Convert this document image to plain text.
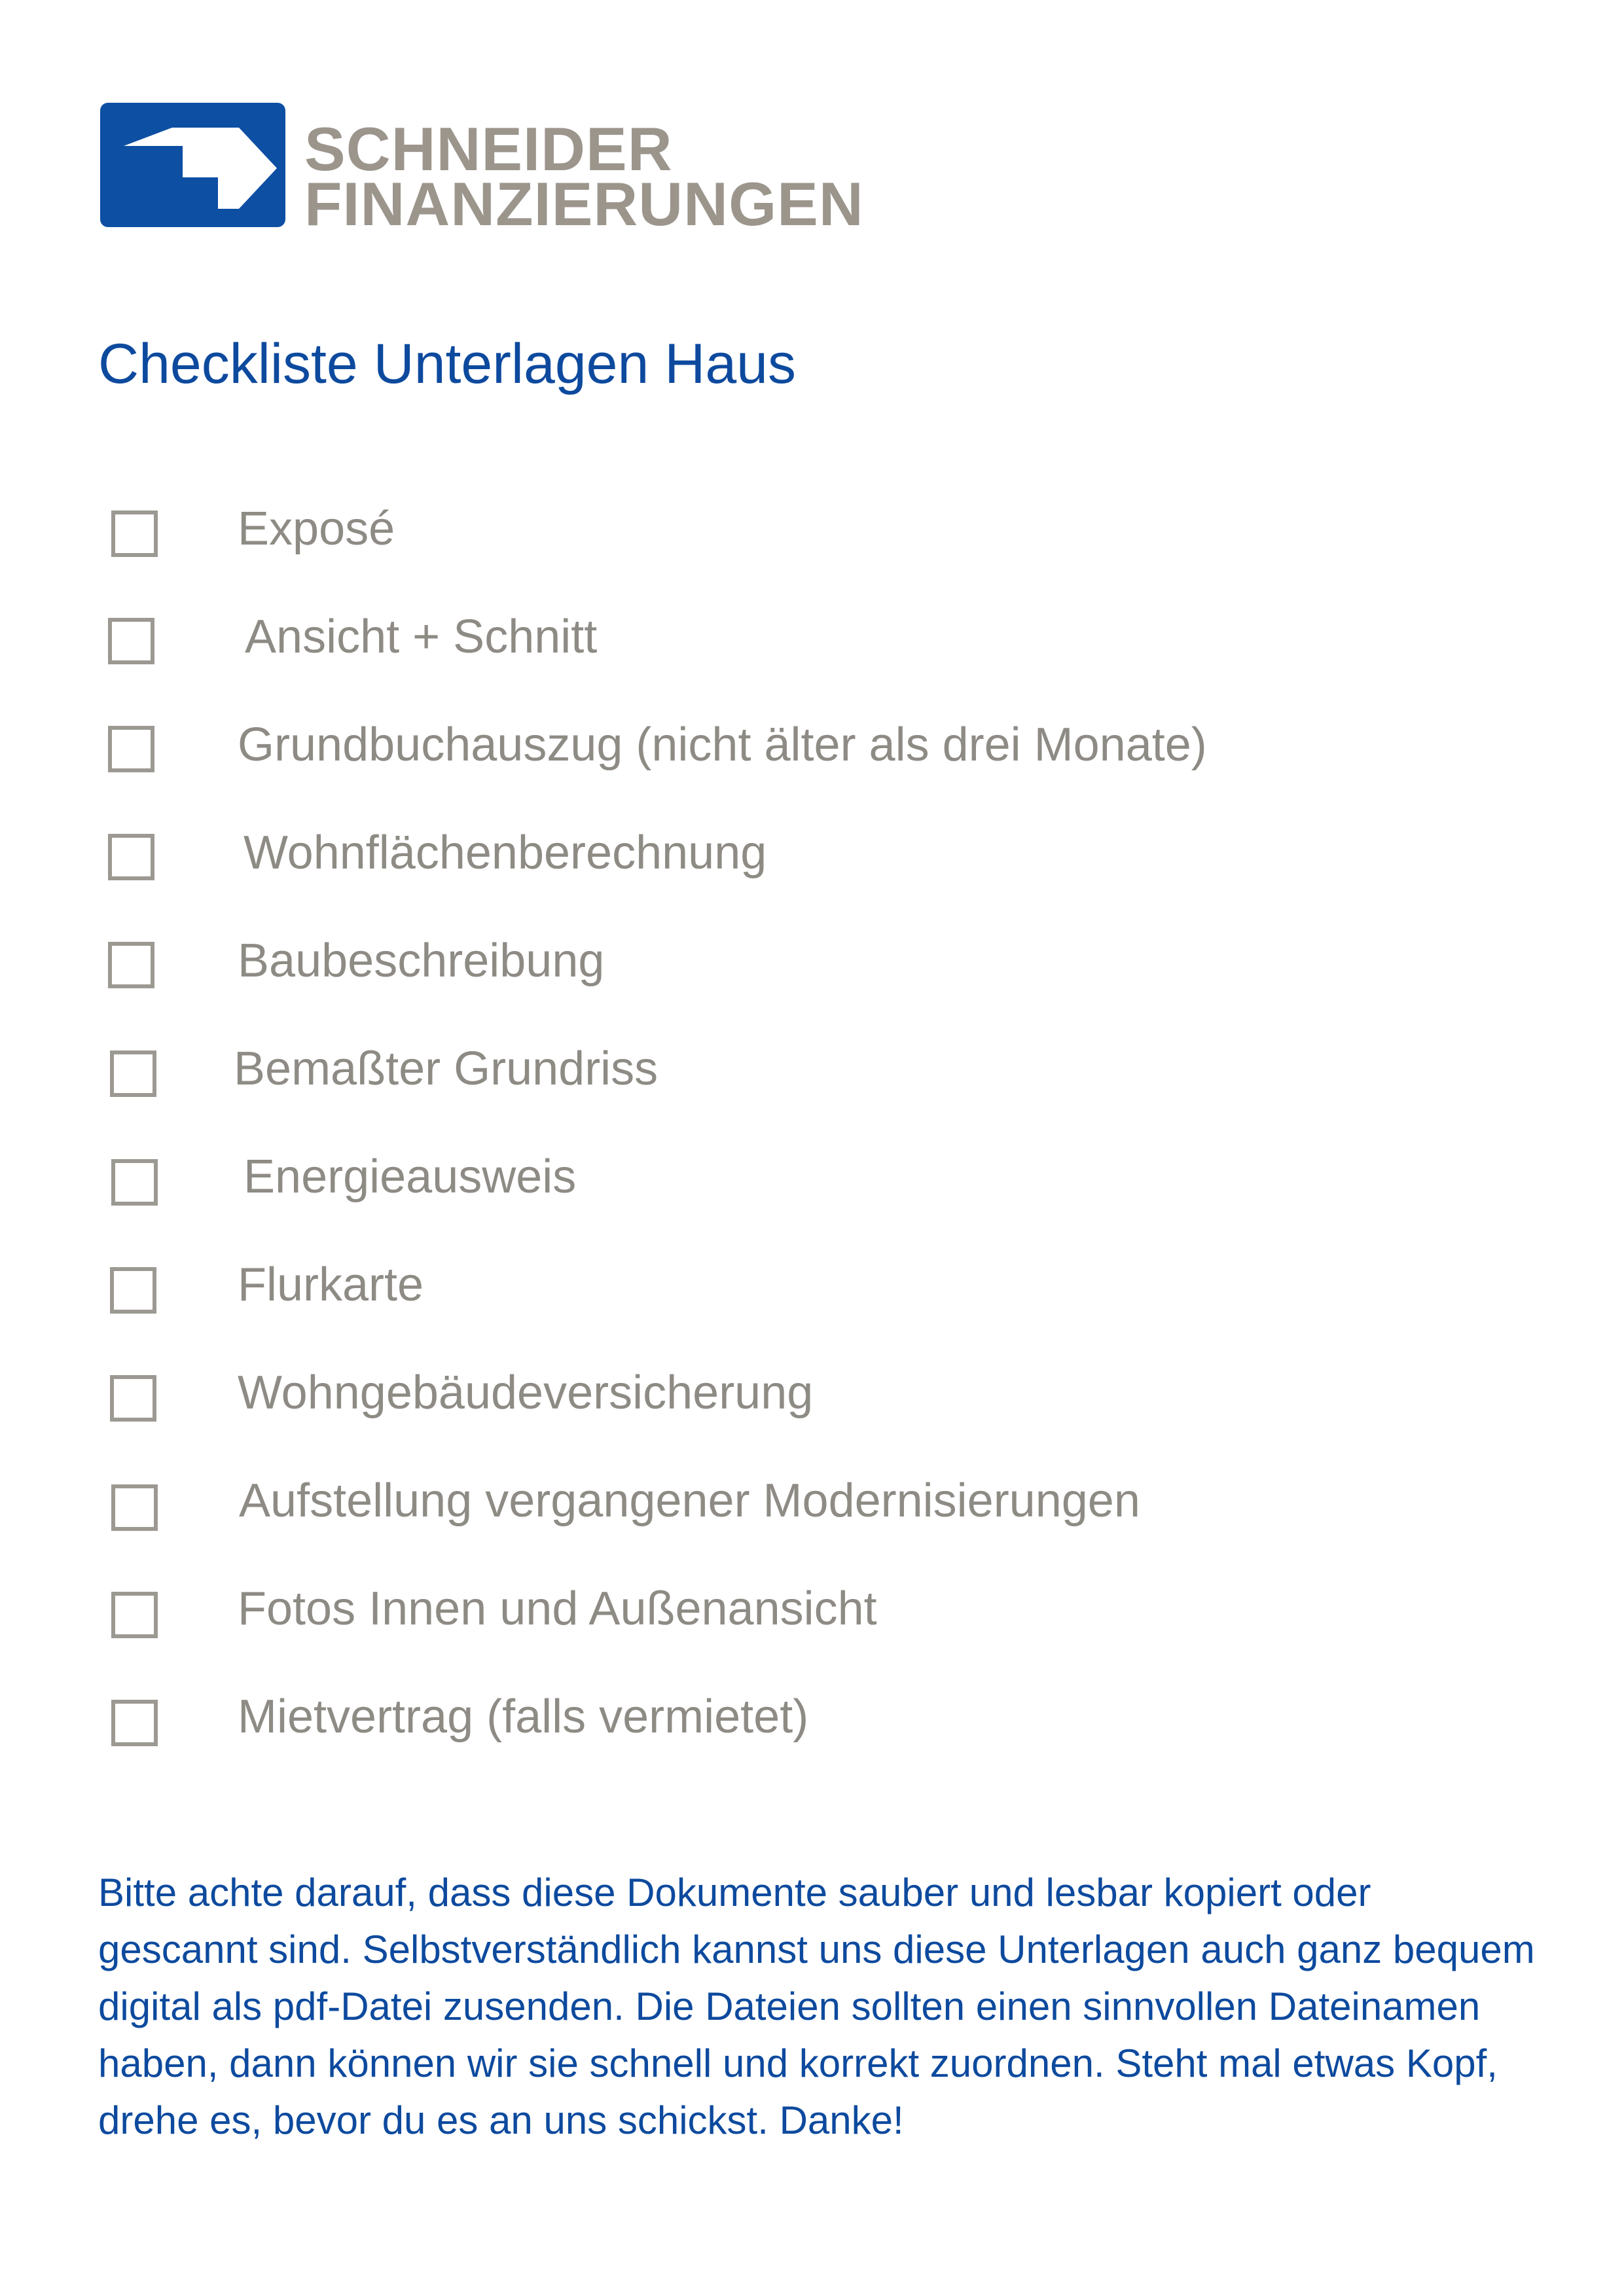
SCHNEIDER
FINANZIERUNGEN
Checkliste Unterlagen Haus
Exposé
Ansicht + Schnitt
Grundbuchauszug (nicht älter als drei Monate)
Wohnflächenberechnung
Baubeschreibung
Bemaßter Grundriss
Energieausweis
Flurkarte
Wohngebäudeversicherung
Aufstellung vergangener Modernisierungen
Fotos Innen und Außenansicht
Mietvertrag (falls vermietet)

Bitte achte darauf, dass diese Dokumente sauber und lesbar kopiert oder gescannt sind. Selbstverständlich kannst uns diese Unterlagen auch ganz bequem digital als pdf-Datei zusenden. Die Dateien sollten einen sinnvollen Dateinamen haben, dann können wir sie schnell und korrekt zuordnen. Steht mal etwas Kopf, drehe es, bevor du es an uns schickst. Danke!
